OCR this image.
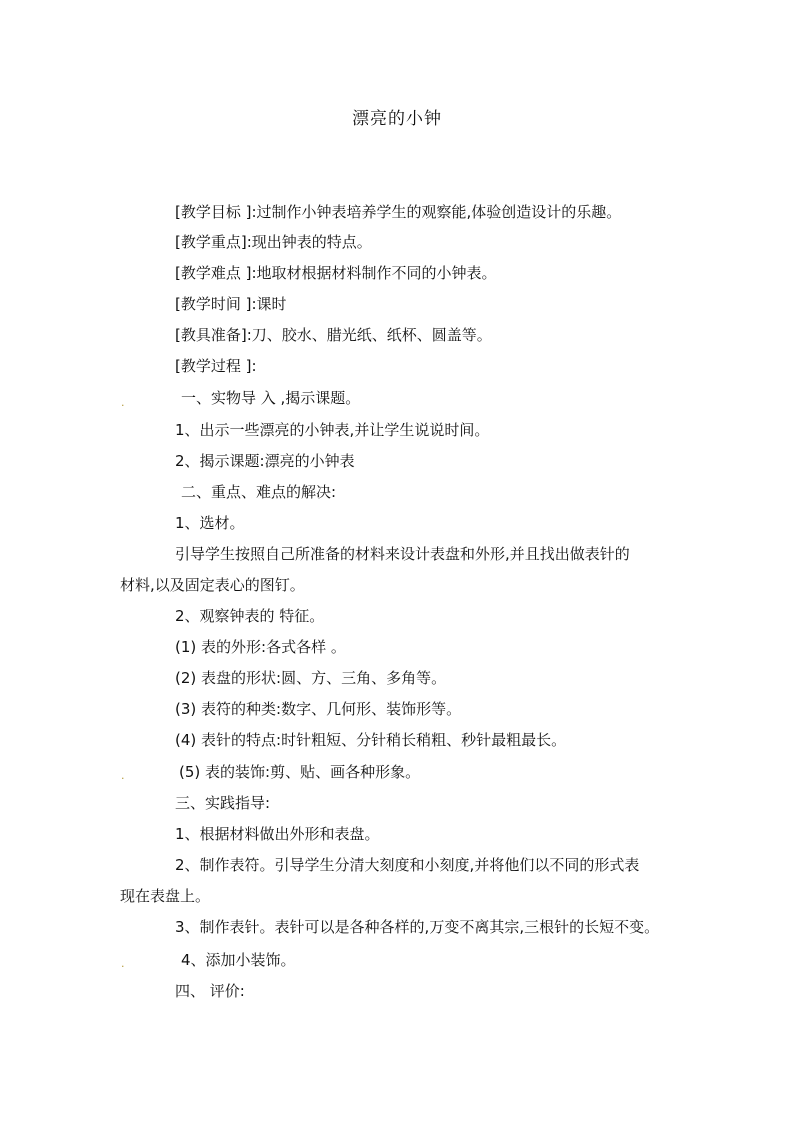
漂亮的小钟
[教学目标 ]:过制作小钟表培养学生的观察能,体验创造设计的乐趣。
[教学重点]:现出钟表的特点。
[教学难点 ]:地取材根据材料制作不同的小钟表。
[教学时间 ]:课时
[教具准备]:刀、胶水、腊光纸、纸杯、圆盖等。
[教学过程 ]:
.	一、实物导 入 ,揭示课题。
1、出示一些漂亮的小钟表,并让学生说说时间。
2、揭示课题:漂亮的小钟表
二、重点、难点的解决:
1、选材。
引导学生按照自己所准备的材料来设计表盘和外形,并且找出做表针的
材料,以及固定表心的图钉。
2、观察钟表的 特征。
(1) 表的外形:各式各样 。
(2) 表盘的形状:圆、方、三角、多角等。
(3) 表符的种类:数字、几何形、装饰形等。
(4) 表针的特点:时针粗短、分针稍长稍粗、秒针最粗最长。
.	(5) 表的装饰:剪、贴、画各种形象。
三、实践指导:
1、根据材料做出外形和表盘。
2、制作表符。引导学生分清大刻度和小刻度,并将他们以不同的形式表
现在表盘上。
3、制作表针。表针可以是各种各样的,万变不离其宗,三根针的长短不变。
.	4、添加小装饰。
四、 评价:
